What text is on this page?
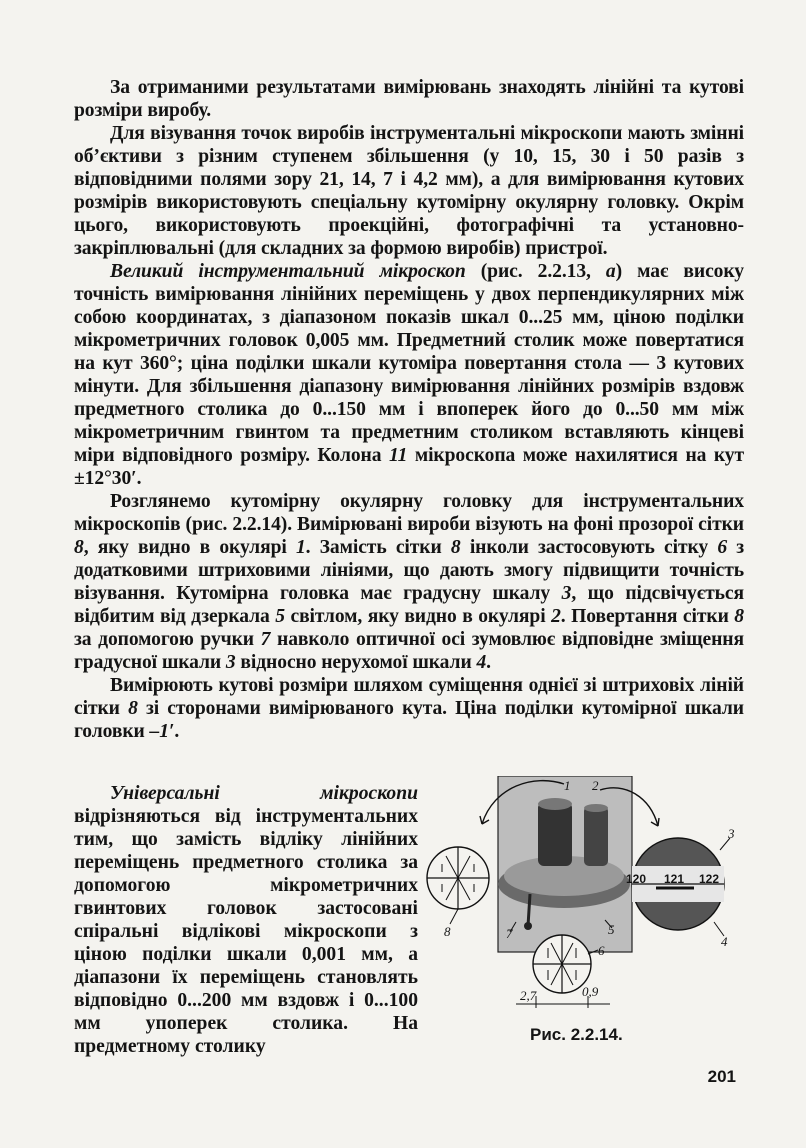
За отриманими результатами вимірювань знаходять лінійні та кутові розміри виробу.

Для візування точок виробів інструментальні мікроскопи мають змінні об’єктиви з різним ступенем збільшення (у 10, 15, 30 і 50 разів з відповідними полями зору 21, 14, 7 і 4,2 мм), а для вимірювання кутових розмірів використовують спеціальну кутомірну окулярну головку. Окрім цього, використовують проекційні, фотографічні та установно-закріплювальні (для складних за формою виробів) пристрої.

Великий інструментальний мікроскоп (рис. 2.2.13, а) має високу точність вимірювання лінійних переміщень у двох перпендикулярних між собою координатах, з діапазоном показів шкал 0...25 мм, ціною поділки мікрометричних головок 0,005 мм. Предметний столик може повертатися на кут 360°; ціна поділки шкали кутоміра повертання стола — 3 кутових мінути. Для збільшення діапазону вимірювання лінійних розмірів вздовж предметного столика до 0...150 мм і впоперек його до 0...50 мм між мікрометричним гвинтом та предметним столиком вставляють кінцеві міри відповідного розміру. Колона 11 мікроскопа може нахилятися на кут ±12°30′.

Розглянемо кутомірну окулярну головку для інструментальних мікроскопів (рис. 2.2.14). Вимірювані вироби візують на фоні прозорої сітки 8, яку видно в окулярі 1. Замість сітки 8 інколи застосовують сітку 6 з додатковими штриховими лініями, що дають змогу підвищити точність візування. Кутомірна головка має градусну шкалу 3, що підсвічується відбитим від дзеркала 5 світлом, яку видно в окулярі 2. Повертання сітки 8 за допомогою ручки 7 навколо оптичної осі зумовлює відповідне зміщення градусної шкали 3 відносно нерухомої шкали 4.

Вимірюють кутові розміри шляхом суміщення однієї зі штриховіх ліній сітки 8 зі сторонами вимірюваного кута. Ціна поділки кутомірної шкали головки –1′.

Універсальні мікроскопи відрізняються від інструментальних тим, що замість відліку лінійних переміщень предметного столика за допомогою мікрометричних гвинтових головок застосовані спіральні відлікові мікроскопи з ціною поділки шкали 0,001 мм, а діапазони їх переміщень становлять відповідно 0...200 мм вздовж і 0...100 мм упоперек столика. На предметному столику

1 2
3
4
5
6
7
8
120 121 122
2,7	0,9
Рис. 2.2.14.
201
